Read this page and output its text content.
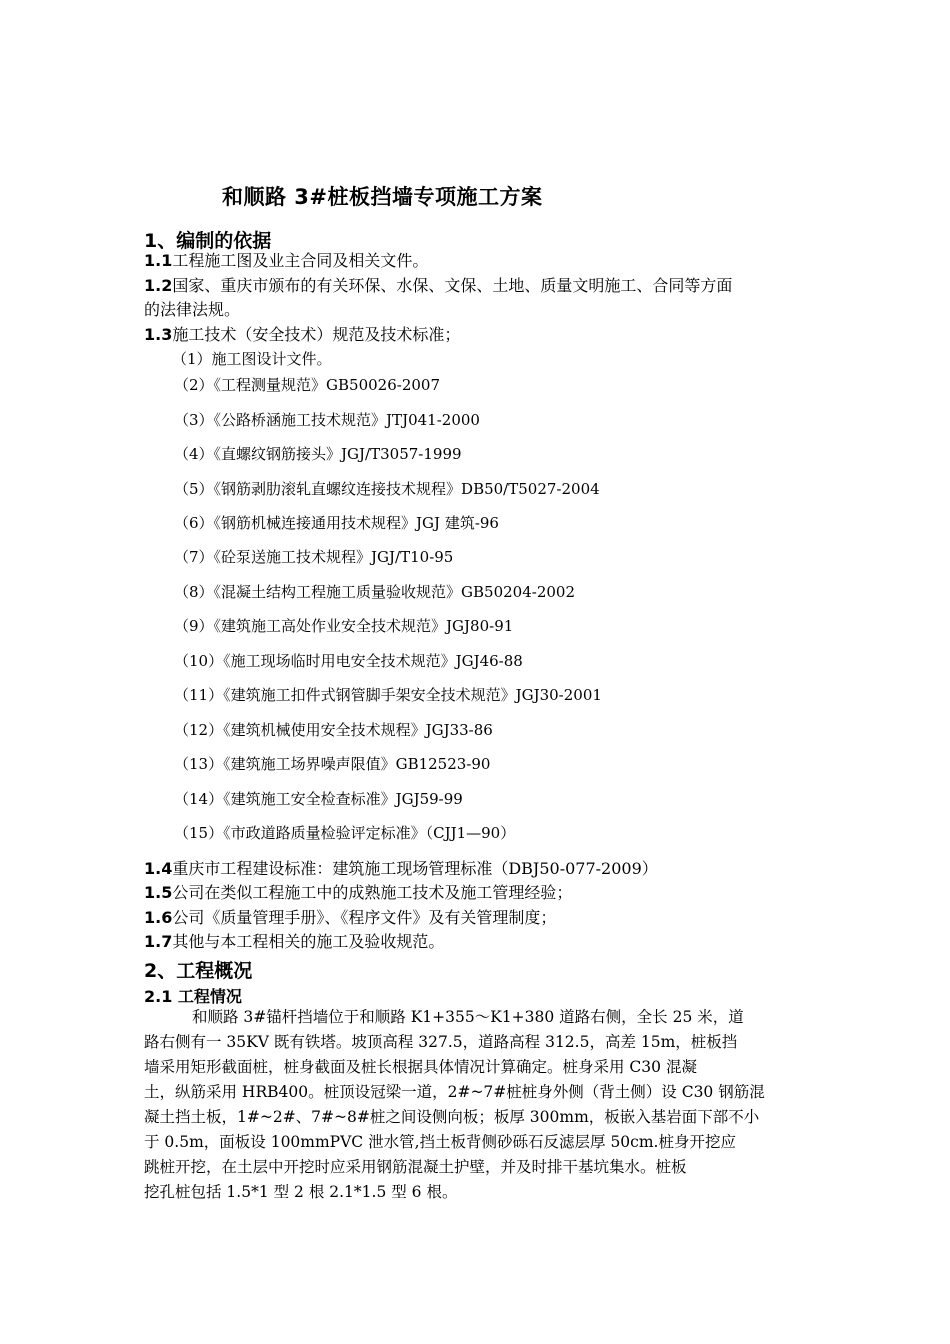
和顺路 3#桩板挡墙专项施工方案
1、编制的依据
1.1工程施工图及业主合同及相关文件。
1.2国家、重庆市颁布的有关环保、水保、文保、土地、质量文明施工、合同等方面
的法律法规。
1.3施工技术（安全技术）规范及技术标准；
（1）施工图设计文件。
（2）《工程测量规范》GB50026-2007
（3）《公路桥涵施工技术规范》JTJ041-2000
（4）《直螺纹钢筋接头》JGJ/T3057-1999
（5）《钢筋剥肋滚轧直螺纹连接技术规程》DB50/T5027-2004
（6）《钢筋机械连接通用技术规程》JGJ 建筑-96
（7）《砼泵送施工技术规程》JGJ/T10-95
（8）《混凝土结构工程施工质量验收规范》GB50204-2002
（9）《建筑施工高处作业安全技术规范》JGJ80-91
（10）《施工现场临时用电安全技术规范》JGJ46-88
（11）《建筑施工扣件式钢管脚手架安全技术规范》JGJ30-2001
（12）《建筑机械使用安全技术规程》JGJ33-86
（13）《建筑施工场界噪声限值》GB12523-90
（14）《建筑施工安全检查标准》JGJ59-99
（15）《市政道路质量检验评定标准》（CJJ1—90）
1.4重庆市工程建设标准：建筑施工现场管理标准（DBJ50-077-2009）
1.5公司在类似工程施工中的成熟施工技术及施工管理经验；
1.6公司《质量管理手册》、《程序文件》及有关管理制度；
1.7其他与本工程相关的施工及验收规范。
2、工程概况
2.1 工程情况
和顺路 3#锚杆挡墙位于和顺路 K1+355～K1+380 道路右侧，全长 25 米，道
路右侧有一 35KV 既有铁塔。坡顶高程 327.5，道路高程 312.5，高差 15m，桩板挡
墙采用矩形截面桩，桩身截面及桩长根据具体情况计算确定。桩身采用 C30 混凝
土，纵筋采用 HRB400。桩顶设冠梁一道，2#~7#桩桩身外侧（背土侧）设 C30 钢筋混
凝土挡土板，1#~2#、7#~8#桩之间设侧向板；板厚 300mm，板嵌入基岩面下部不小
于 0.5m，面板设 100mmPVC 泄水管,挡土板背侧砂砾石反滤层厚 50cm.桩身开挖应
跳桩开挖，在土层中开挖时应采用钢筋混凝土护壁，并及时排干基坑集水。桩板
挖孔桩包括 1.5*1 型 2 根 2.1*1.5 型 6 根。
